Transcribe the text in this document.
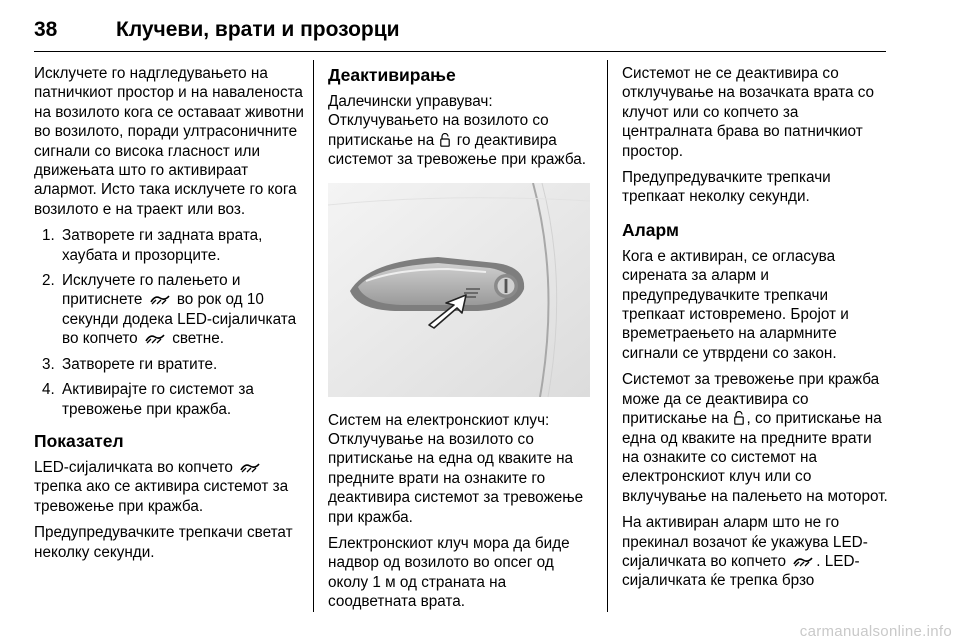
38	Клучеви, врати и прозорци

Исклучете го надгледувањето на патничкиот простор и на наваленоста на возилото кога се оставаат животни во возилото, поради ултрасоничните сигнали со висока гласност или движењата што го активираат алармот. Исто така исклучете го кога возилото е на траект или воз.

1. Затворете ги задната врата, хаубата и прозорците.
2. Исклучете го палењето и притиснете во рок од 10 секунди додека LED-сијаличката во копчето светне.
3. Затворете ги вратите.
4. Активирајте го системот за тревожење при кражба.
Показател

LED-сијаличката во копчето  трепка ако се активира системот за тревожење при кражба.

Предупредувачките трепкачи светат неколку секунди.

Деактивирање

Далечински управувач:

Отклучувањето на возилото со притискање на го деактивира системот за тревожење при кражба.

Систем на електронскиот клуч: Отклучување на возилото со притискање на една од кваките на предните врати на ознаките го деактивира системот за тревожење при кражба.

Електронскиот клуч мора да биде надвор од возилото во опсег од околу 1 м од страната на соодветната врата.

Системот не се деактивира со отклучување на возачката врата со клучот или со копчето за централната брава во патничкиот простор.

Предупредувачките трепкачи трепкаат неколку секунди.

Аларм

Кога е активиран, се огласува сирената за аларм и предупредувачките трепкачи трепкаат истовремено. Бројот и времетраењето на алармните сигнали се утврдени со закон.

Системот за тревожење при кражба може да се деактивира со притискање на , со притискање на една од кваките на предните врати на ознаките со системот на електронскиот клуч или со вклучување на палењето на моторот.

На активиран аларм што не го прекинал возачот ќе укажува LED-сијаличката во копчето . LED-сијаличката ќе трепка брзо

carmanualsonline.info
